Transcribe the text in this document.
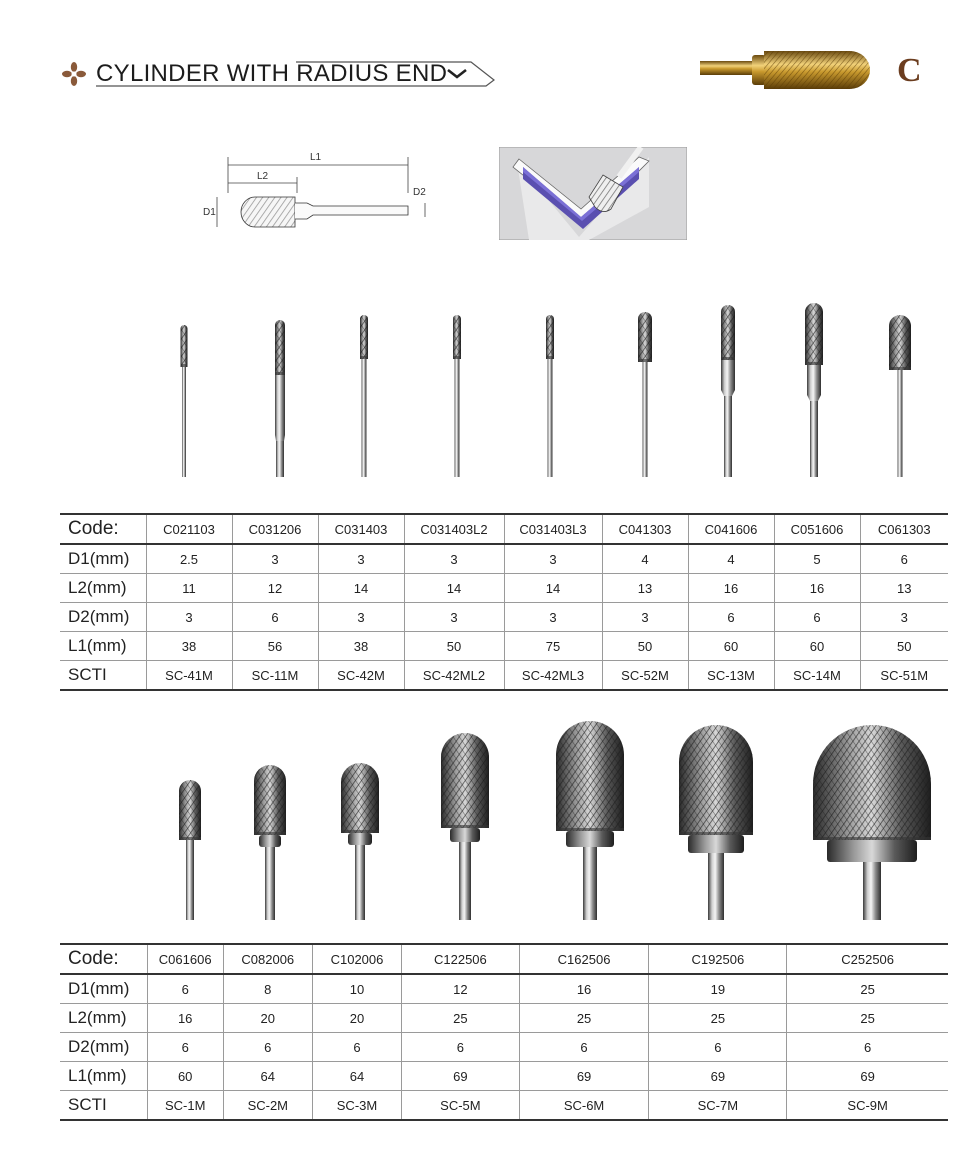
CYLINDER WITH RADIUS END	C
L1
L2
D1
D2
Code:	C021103	C031206	C031403	C031403L2	C031403L3	C041303	C041606	C051606	C061303
D1(mm)	2.5	3	3	3	3	4	4	5	6
L2(mm)	11	12	14	14	14	13	16	16	13
D2(mm)	3	6	3	3	3	3	6	6	3
L1(mm)	38	56	38	50	75	50	60	60	50
SCTI	SC-41M	SC-11M	SC-42M	SC-42ML2	SC-42ML3	SC-52M	SC-13M	SC-14M	SC-51M
Code:	C061606	C082006	C102006	C122506	C162506	C192506	C252506
D1(mm)	6	8	10	12	16	19	25
L2(mm)	16	20	20	25	25	25	25
D2(mm)	6	6	6	6	6	6	6
L1(mm)	60	64	64	69	69	69	69
SCTI	SC-1M	SC-2M	SC-3M	SC-5M	SC-6M	SC-7M	SC-9M
